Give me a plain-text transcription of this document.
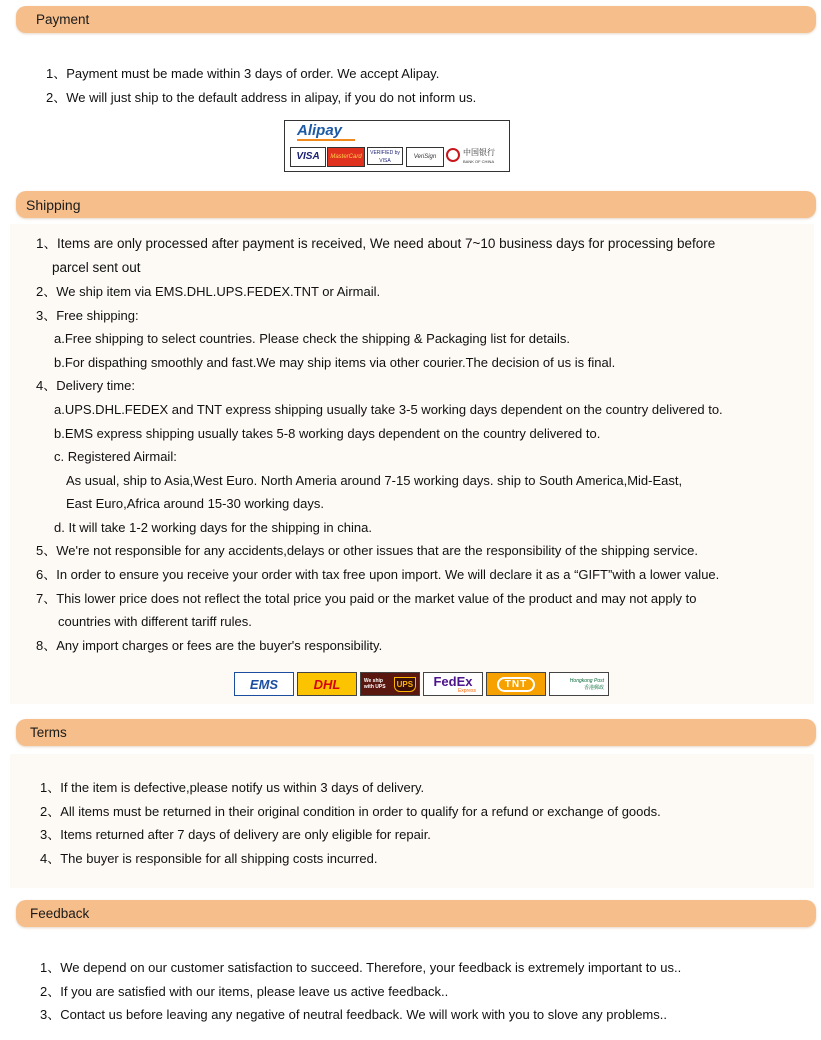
Payment
1、Payment must be made within 3 days of order. We accept Alipay.
2、We will just ship to the default address in alipay, if you do not inform us.
Alipay
VISA	MasterCard
VERIFIED by VISA
VeriSign	中国银行
BANK OF CHINA
Shipping
1、Items are only processed after payment is received, We need about 7~10 business days for processing before
parcel sent out
2、We ship item via EMS.DHL.UPS.FEDEX.TNT or Airmail.
3、Free shipping:
a.Free shipping to select countries. Please check the shipping & Packaging list for details.
b.For dispathing smoothly and fast.We may ship items via other courier.The decision of us is final.
4、Delivery time:
a.UPS.DHL.FEDEX and TNT express shipping usually take 3-5 working days dependent on the country delivered to.
b.EMS express shipping usually takes 5-8 working days dependent on the country delivered to.
c. Registered Airmail:
As usual, ship to Asia,West Euro. North Ameria around 7-15 working days. ship to South America,Mid-East,
East Euro,Africa around 15-30 working days.
d. It will take 1-2 working days for the shipping in china.
5、We're not responsible for any accidents,delays or other issues that are the responsibility of the shipping service.
6、In order to ensure you receive your order with tax free upon import. We will declare it as a “GIFT”with a lower value.
7、This lower price does not reflect the total price you paid or the market value of the product and may not apply to
countries with different tariff rules.
8、Any import charges or fees are the buyer's responsibility.
EMS	DHL	We ship with UPS	UPS FedEx
Express
TNT	Hongkong Post
香港郵政
Terms
1、If the item is defective,please notify us within 3 days of delivery.
2、All items must be returned in their original condition in order to qualify for a refund or exchange of goods.
3、Items returned after 7 days of delivery are only eligible for repair.
4、The buyer is responsible for all shipping costs incurred.
Feedback
1、We depend on our customer satisfaction to succeed. Therefore, your feedback is extremely important to us..
2、If you are satisfied with our items, please leave us active feedback..
3、Contact us before leaving any negative of neutral feedback. We will work with you to slove any problems..
